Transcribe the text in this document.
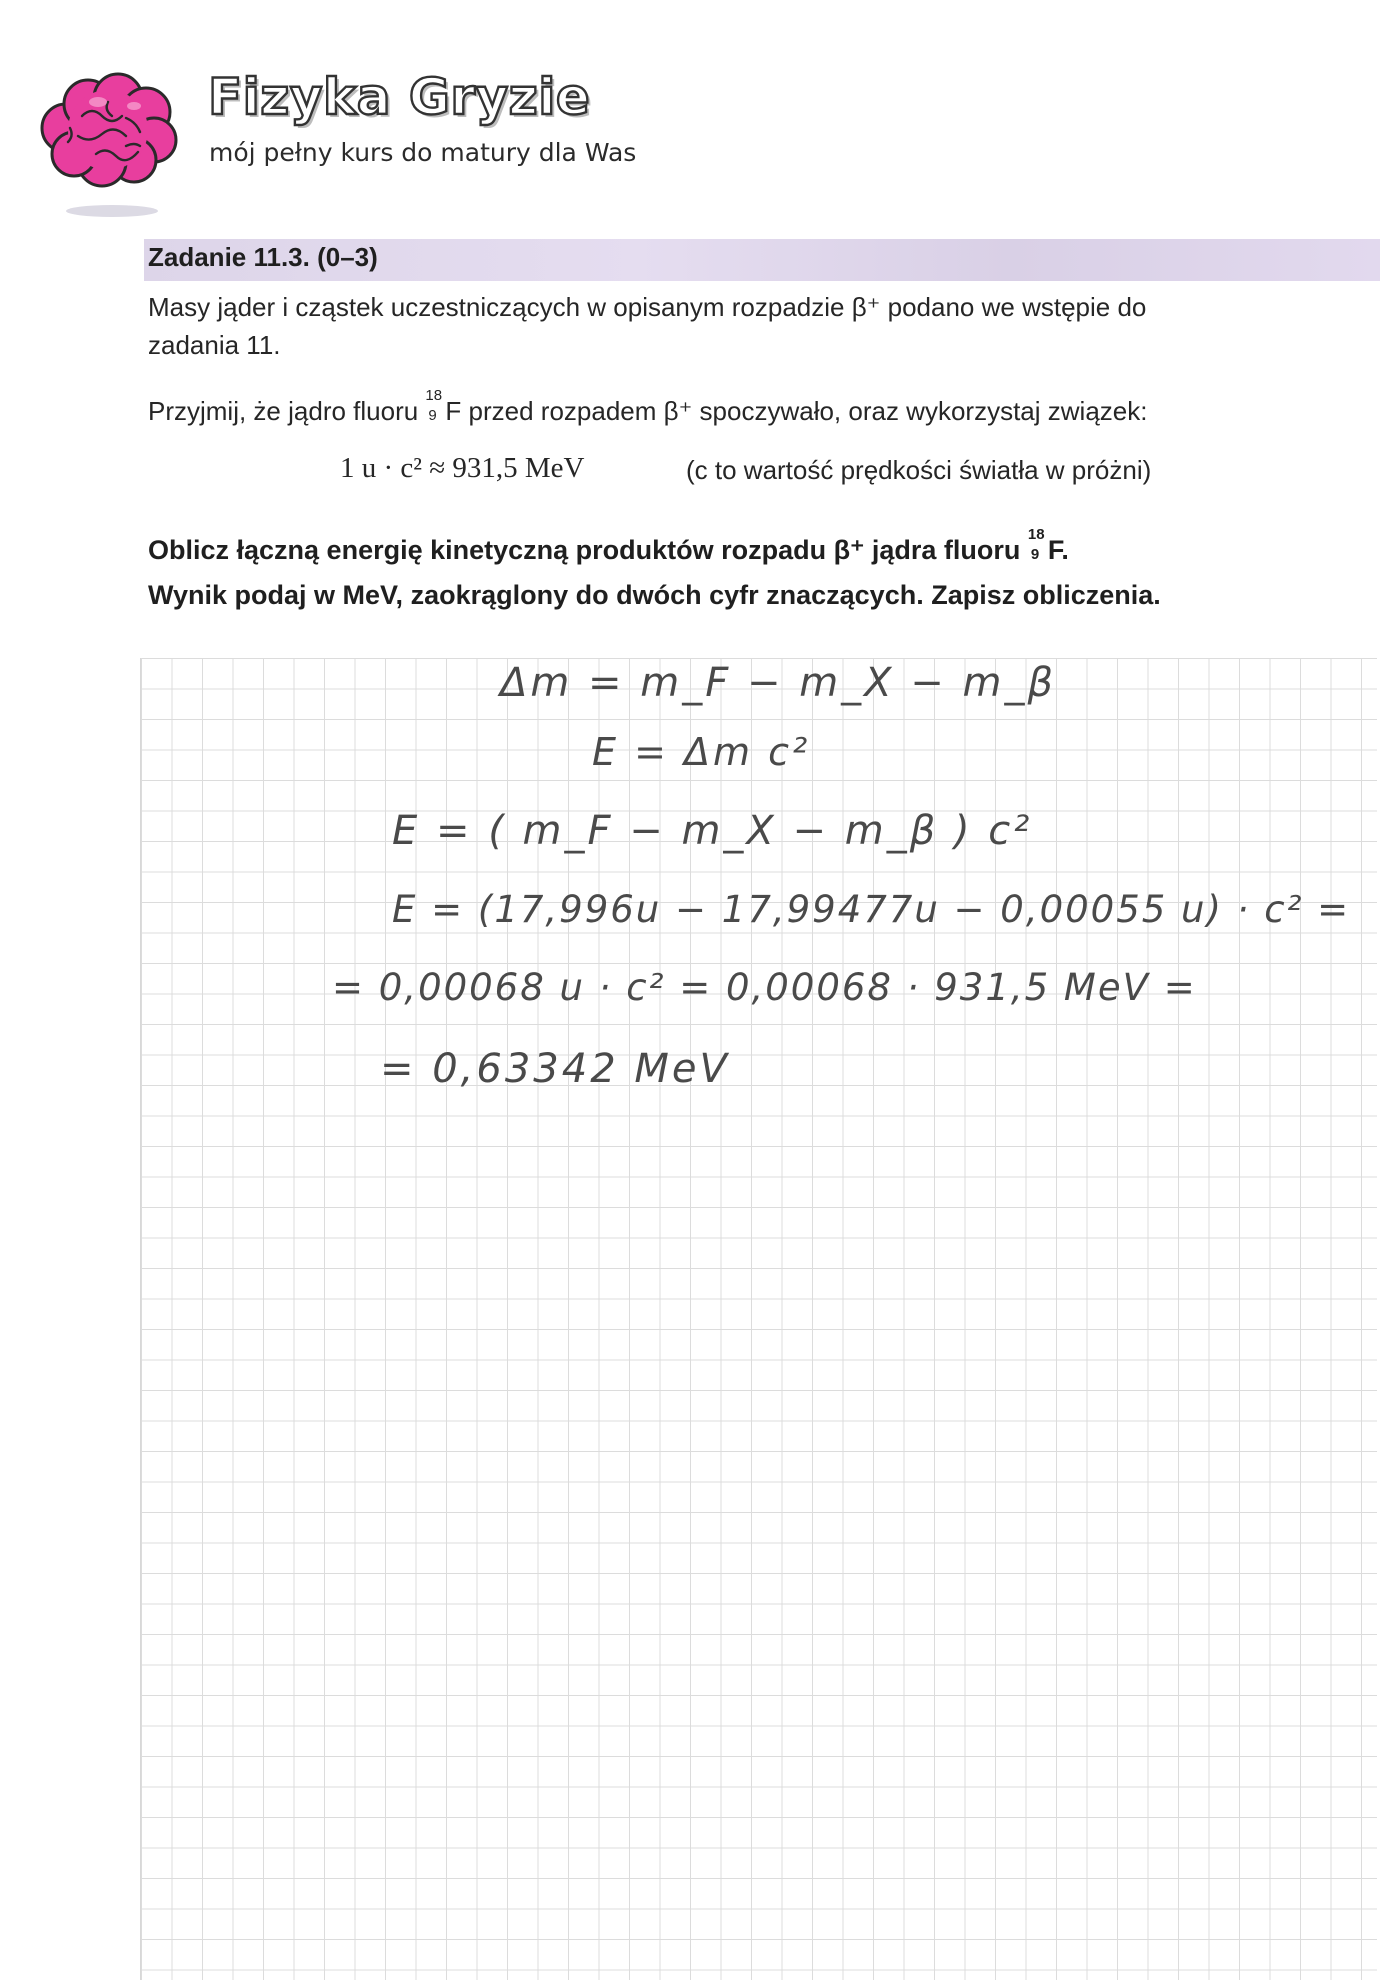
Fizyka Gryzie
mój pełny kurs do matury dla Was
Zadanie 11.3. (0–3)
Masy jąder i cząstek uczestniczących w opisanym rozpadzie β⁺ podano we wstępie do
zadania 11.
Przyjmij, że jądro fluoru
18
9 F przed rozpadem β⁺ spoczywało, oraz wykorzystaj związek:
1 u · c² ≈ 931,5 MeV	(c to wartość prędkości światła w próżni)
Oblicz łączną energię kinetyczną produktów rozpadu β⁺ jądra fluoru
18
9 F.
Wynik podaj w MeV, zaokrąglony do dwóch cyfr znaczących. Zapisz obliczenia.
Δm = m_F − m_X − m_β
E = Δm c²
E = ( m_F − m_X − m_β ) c²
E = (17,996u − 17,99477u − 0,00055 u) · c² =
= 0,00068 u · c² = 0,00068 · 931,5 MeV =
= 0,63342 MeV
